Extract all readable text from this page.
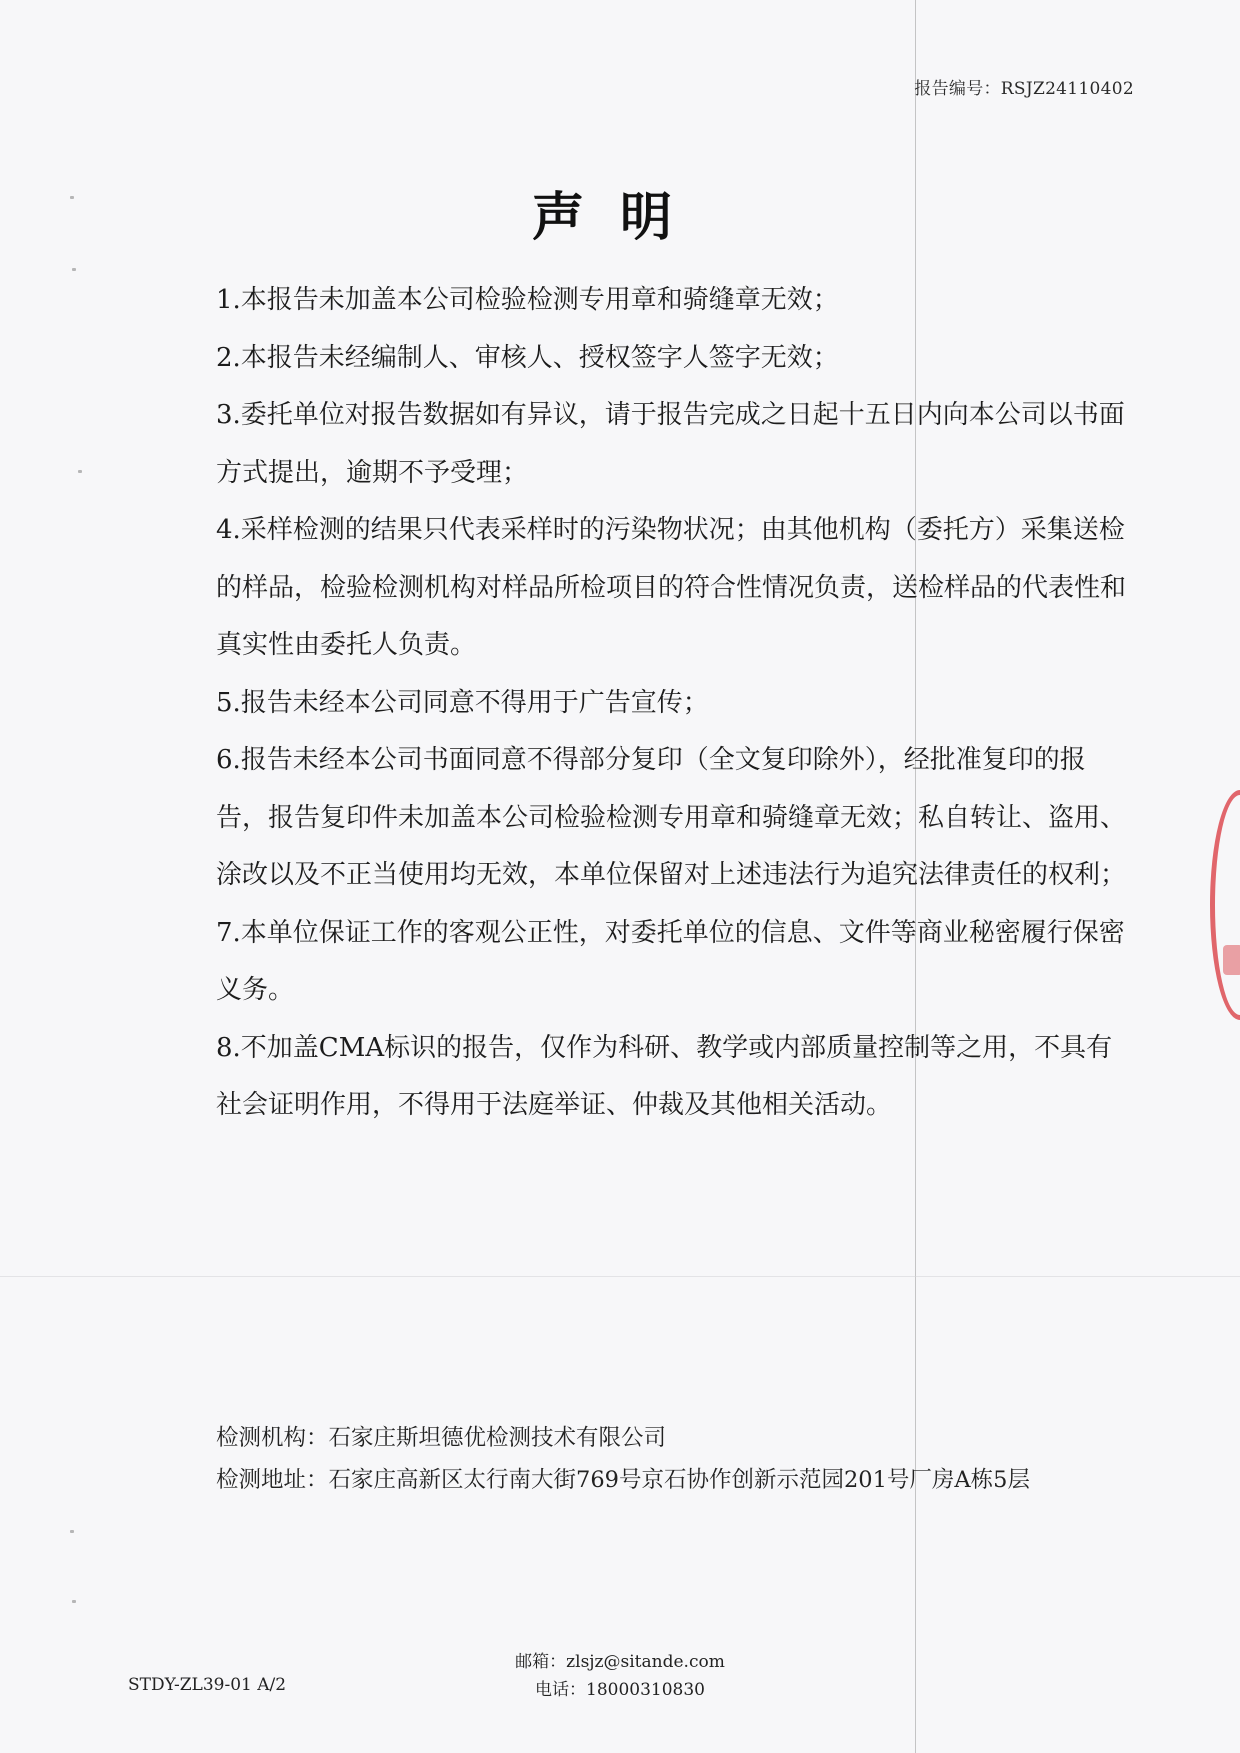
报告编号：RSJZ24110402
声明

1.本报告未加盖本公司检验检测专用章和骑缝章无效；

2.本报告未经编制人、审核人、授权签字人签字无效；

3.委托单位对报告数据如有异议，请于报告完成之日起十五日内向本公司以书面方式提出，逾期不予受理；

4.采样检测的结果只代表采样时的污染物状况；由其他机构（委托方）采集送检的样品，检验检测机构对样品所检项目的符合性情况负责，送检样品的代表性和真实性由委托人负责。

5.报告未经本公司同意不得用于广告宣传；

6.报告未经本公司书面同意不得部分复印（全文复印除外），经批准复印的报告，报告复印件未加盖本公司检验检测专用章和骑缝章无效；私自转让、盗用、涂改以及不正当使用均无效，本单位保留对上述违法行为追究法律责任的权利；

7.本单位保证工作的客观公正性，对委托单位的信息、文件等商业秘密履行保密义务。

8.不加盖CMA标识的报告，仅作为科研、教学或内部质量控制等之用，不具有社会证明作用，不得用于法庭举证、仲裁及其他相关活动。

检测机构：石家庄斯坦德优检测技术有限公司
检测地址：石家庄高新区太行南大街769号京石协作创新示范园201号厂房A栋5层
邮箱：zlsjz@sitande.com
电话：18000310830
STDY-ZL39-01 A/2
